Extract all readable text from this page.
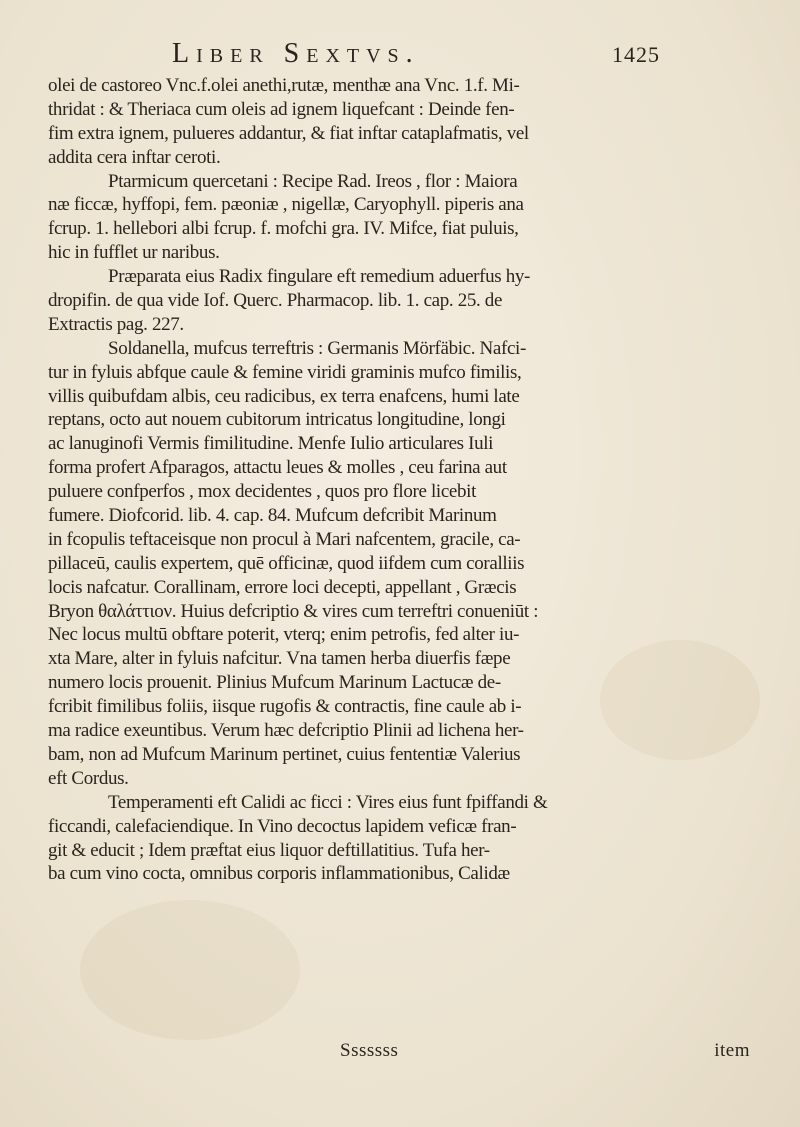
Liber Sextvs.	1425
olei de castoreo Vnc.f.olei anethi,rutæ, menthæ ana Vnc. 1.f. Mi-
thridat : & Theriaca cum oleis ad ignem liquefcant : Deinde fen-
fim extra ignem, pulueres addantur, & fiat inftar cataplafmatis, vel
addita cera inftar ceroti.
Ptarmicum quercetani : Recipe Rad. Ireos , flor : Maiora
næ ficcæ, hyffopi, fem. pæoniæ , nigellæ, Caryophyll. piperis ana
fcrup. 1. hellebori albi fcrup. f. mofchi gra. IV. Mifce, fiat puluis,
hic in fufflet ur naribus.
Præparata eius Radix fingulare eft remedium aduerfus hy-
dropifin. de qua vide Iof. Querc. Pharmacop. lib. 1. cap. 25. de
Extractis pag. 227.
Soldanella, mufcus terreftris : Germanis Mörfäbic. Nafci-
tur in fyluis abfque caule & femine viridi graminis mufco fimilis,
villis quibufdam albis, ceu radicibus, ex terra enafcens, humi late
reptans, octo aut nouem cubitorum intricatus longitudine, longi
ac lanuginofi Vermis fimilitudine. Menfe Iulio articulares Iuli
forma profert Afparagos, attactu leues & molles , ceu farina aut
puluere confperfos , mox decidentes , quos pro flore licebit
fumere. Diofcorid. lib. 4. cap. 84. Mufcum defcribit Marinum
in fcopulis teftaceisque non procul à Mari nafcentem, gracile, ca-
pillaceū, caulis expertem, quē officinæ, quod iifdem cum coralliis
locis nafcatur. Corallinam, errore loci decepti, appellant , Græcis
Bryon θαλάττιον. Huius defcriptio & vires cum terreftri conueniūt :
Nec locus multū obftare poterit, vterq; enim petrofis, fed alter iu-
xta Mare, alter in fyluis nafcitur. Vna tamen herba diuerfis fæpe
numero locis prouenit. Plinius Mufcum Marinum Lactucæ de-
fcribit fimilibus foliis, iisque rugofis & contractis, fine caule ab i-
ma radice exeuntibus. Verum hæc defcriptio Plinii ad lichena her-
bam, non ad Mufcum Marinum pertinet, cuius fententiæ Valerius
eft Cordus.
Temperamenti eft Calidi ac ficci : Vires eius funt fpiffandi &
ficcandi, calefaciendique. In Vino decoctus lapidem veficæ fran-
git & educit ; Idem præftat eius liquor deftillatitius. Tufa her-
ba cum vino cocta, omnibus corporis inflammationibus, Calidæ
Sssssss	item
